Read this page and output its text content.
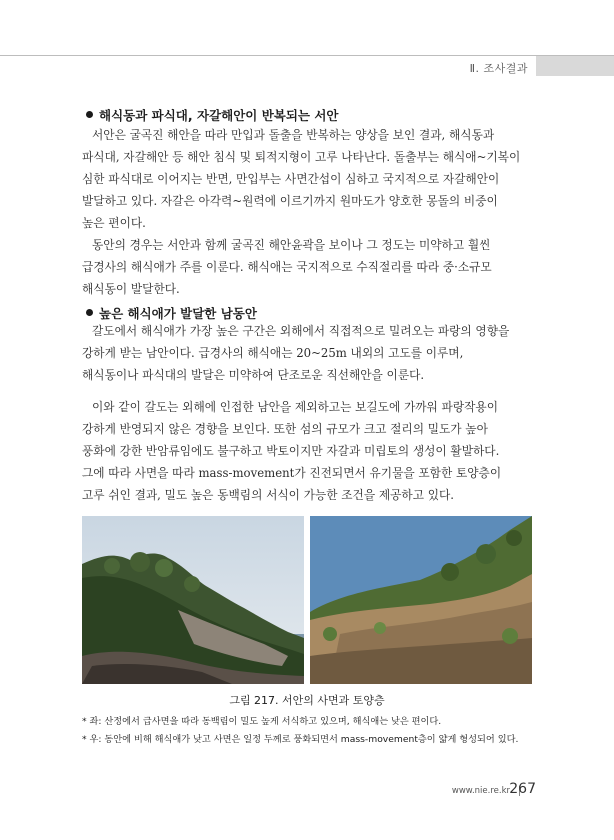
Ⅱ. 조사결과
해식동과 파식대, 자갈해안이 반복되는 서안

서안은 굴곡진 해안을 따라 만입과 돌출을 반복하는 양상을 보인 결과, 해식동과
파식대, 자갈해안 등 해안 침식 및 퇴적지형이 고루 나타난다. 돌출부는 해식애~기복이
심한 파식대로 이어지는 반면, 만입부는 사면간섭이 심하고 국지적으로 자갈해안이
발달하고 있다. 자갈은 아각력~원력에 이르기까지 원마도가 양호한 몽돌의 비중이
높은 편이다.

동안의 경우는 서안과 함께 굴곡진 해안윤곽을 보이나 그 정도는 미약하고 훨씬
급경사의 해식애가 주를 이룬다. 해식애는 국지적으로 수직절리를 따라 중·소규모
해식동이 발달한다.

높은 해식애가 발달한 남동안

갈도에서 해식애가 가장 높은 구간은 외해에서 직접적으로 밀려오는 파랑의 영향을
강하게 받는 남안이다. 급경사의 해식애는 20~25m 내외의 고도를 이루며,
해식동이나 파식대의 발달은 미약하여 단조로운 직선해안을 이룬다.

이와 같이 갈도는 외해에 인접한 남안을 제외하고는 보길도에 가까워 파랑작용이
강하게 반영되지 않은 경향을 보인다. 또한 섬의 규모가 크고 절리의 밀도가 높아
풍화에 강한 반암류임에도 불구하고 박토이지만 자갈과 미립토의 생성이 활발하다.
그에 따라 사면을 따라 mass-movement가 진전되면서 유기물을 포함한 토양층이
고루 쉬인 결과, 밀도 높은 동백림의 서식이 가능한 조건을 제공하고 있다.

그림 217. 서안의 사면과 토양층
* 좌: 산정에서 급사면을 따라 동백림이 밀도 높게 서식하고 있으며, 해식애는 낮은 편이다.
* 우: 동안에 비해 해식애가 낮고 사면은 일정 두께로 풍화되면서 mass-movement층이 얇게 형성되어 있다.
www.nie.re.kr 267
